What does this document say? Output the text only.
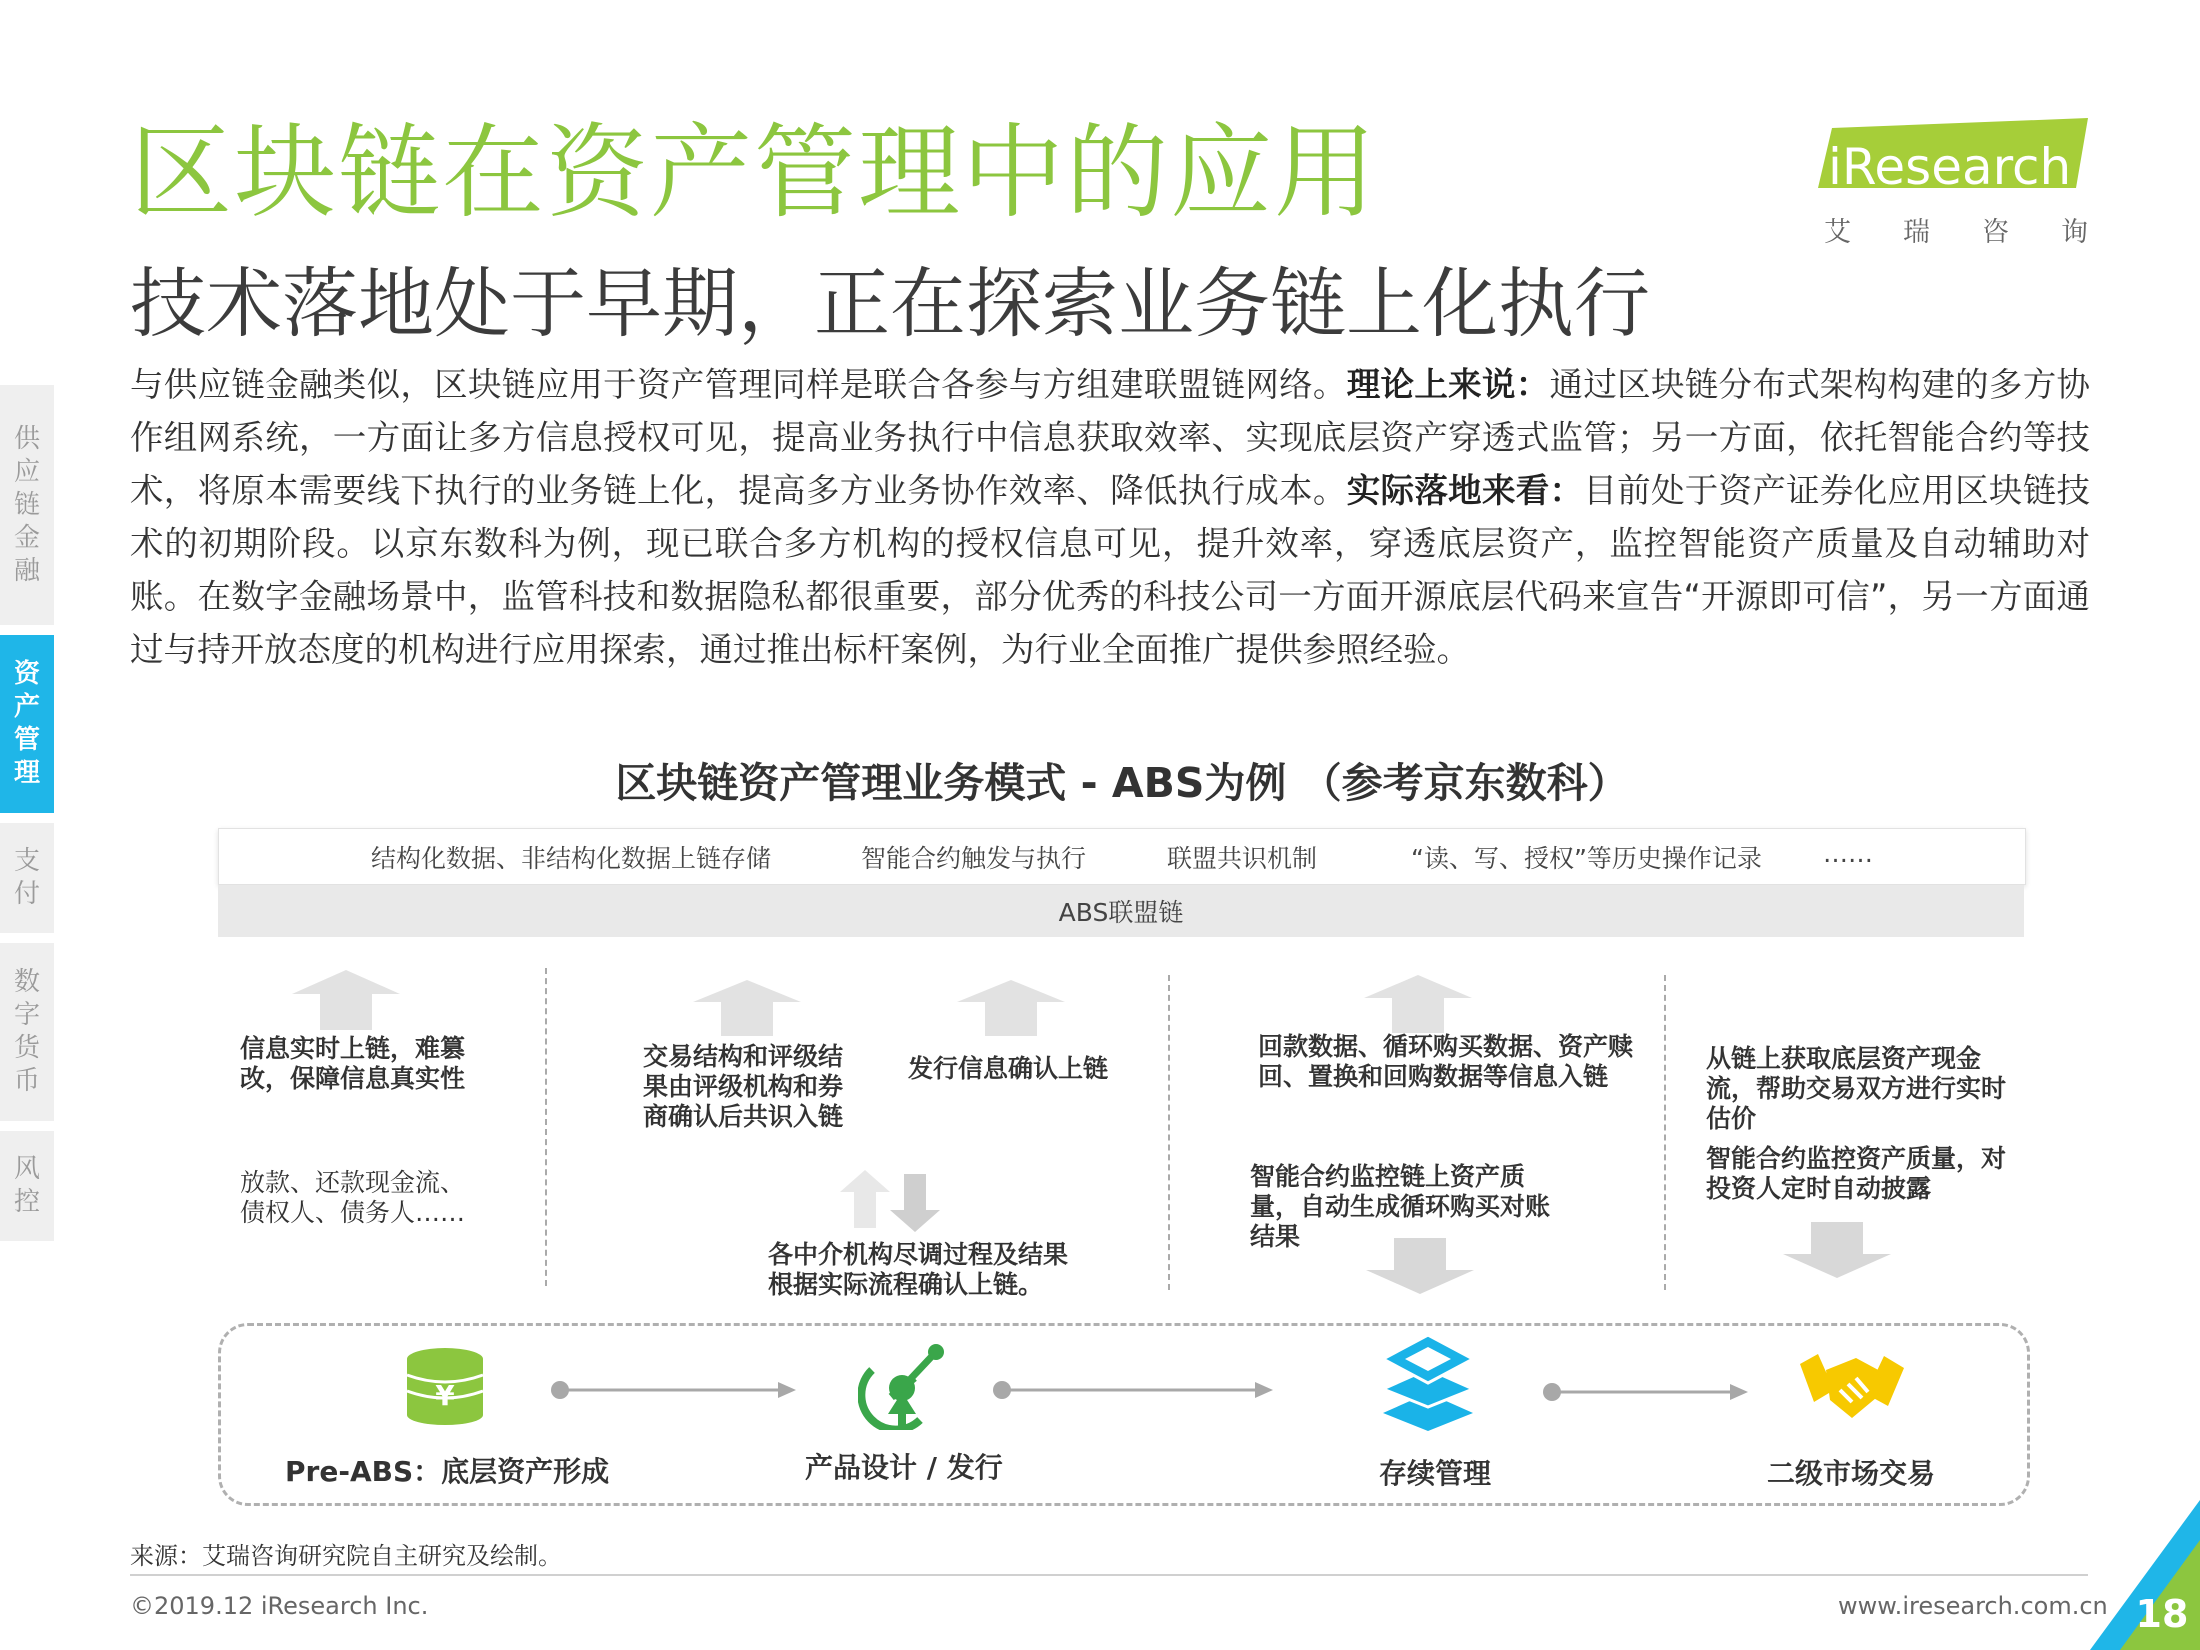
区块链在资产管理中的应用
技术落地处于早期，正在探索业务链上化执行
iResearch
艾 瑞 咨 询
供
应
链
金
融
资
产
管
理
支
付
数
字
货
币
风
控
与供应链金融类似，区块链应用于资产管理同样是联合各参与方组建联盟链网络。理论上来说：通过区块链分布式架构构建的多方协作组网系统，一方面让多方信息授权可见，提高业务执行中信息获取效率、实现底层资产穿透式监管；另一方面，依托智能合约等技术，将原本需要线下执行的业务链上化，提高多方业务协作效率、降低执行成本。实际落地来看：目前处于资产证券化应用区块链技术的初期阶段。以京东数科为例，现已联合多方机构的授权信息可见，提升效率，穿透底层资产，监控智能资产质量及自动辅助对账。在数字金融场景中，监管科技和数据隐私都很重要，部分优秀的科技公司一方面开源底层代码来宣告“开源即可信”，另一方面通过与持开放态度的机构进行应用探索，通过推出标杆案例，为行业全面推广提供参照经验。
区块链资产管理业务模式 - ABS为例 （参考京东数科）
结构化数据、非结构化数据上链存储	智能合约触发与执行	联盟共识机制	“读、写、授权”等历史操作记录 ……
ABS联盟链
信息实时上链，难篡改，保障信息真实性
放款、还款现金流、债权人、债务人……
交易结构和评级结果由评级机构和券商确认后共识入链
发行信息确认上链
各中介机构尽调过程及结果根据实际流程确认上链。
回款数据、循环购买数据、资产赎回、置换和回购数据等信息入链
智能合约监控链上资产质量，自动生成循环购买对账结果
从链上获取底层资产现金流，帮助交易双方进行实时估价
智能合约监控资产质量，对投资人定时自动披露
¥
Pre-ABS：底层资产形成	产品设计 / 发行	存续管理	二级市场交易
来源：艾瑞咨询研究院自主研究及绘制。
©2019.12 iResearch Inc.	www.iresearch.com.cn 18
